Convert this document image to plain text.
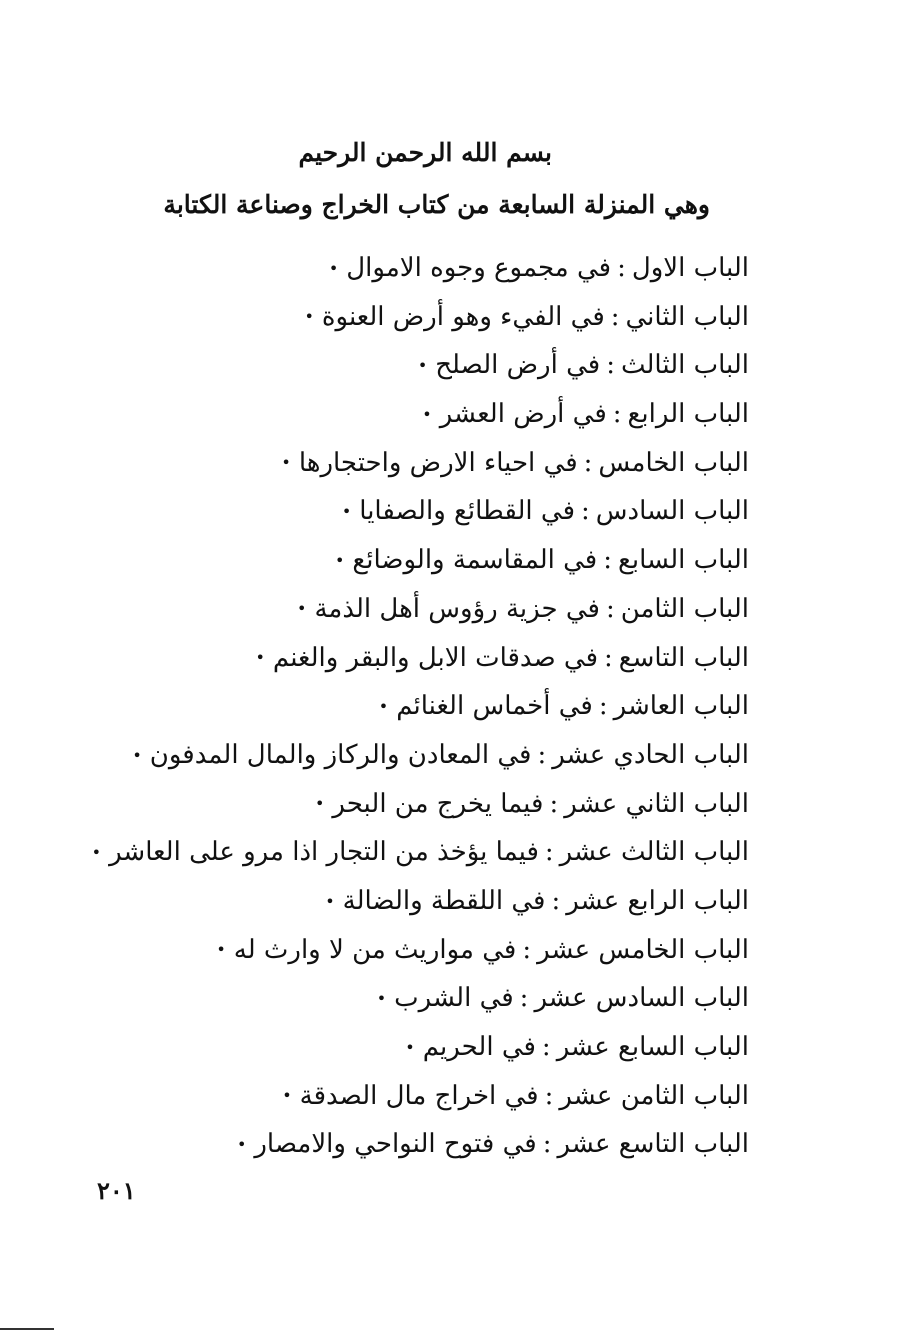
بسم الله الرحمن الرحيم
وهي المنزلة السابعة من كتاب الخراج وصناعة الكتابة
الباب الاول:في مجموع وجوه الاموال•
الباب الثاني:في الفيء وهو أرض العنوة•
الباب الثالث:في أرض الصلح•
الباب الرابع:في أرض العشر•
الباب الخامس:في احياء الارض واحتجارها•
الباب السادس:في القطائع والصفايا•
الباب السابع:في المقاسمة والوضائع•
الباب الثامن:في جزية رؤوس أهل الذمة•
الباب التاسع:في صدقات الابل والبقر والغنم•
الباب العاشر:في أخماس الغنائم•
الباب الحادي عشر:في المعادن والركاز والمال المدفون•
الباب الثاني عشر:فيما يخرج من البحر•
الباب الثالث عشر:فيما يؤخذ من التجار اذا مرو على العاشر•
الباب الرابع عشر:في اللقطة والضالة•
الباب الخامس عشر:في مواريث من لا وارث له•
الباب السادس عشر:في الشرب•
الباب السابع عشر:في الحريم•
الباب الثامن عشر:في اخراج مال الصدقة•
الباب التاسع عشر:في فتوح النواحي والامصار•
٢٠١
